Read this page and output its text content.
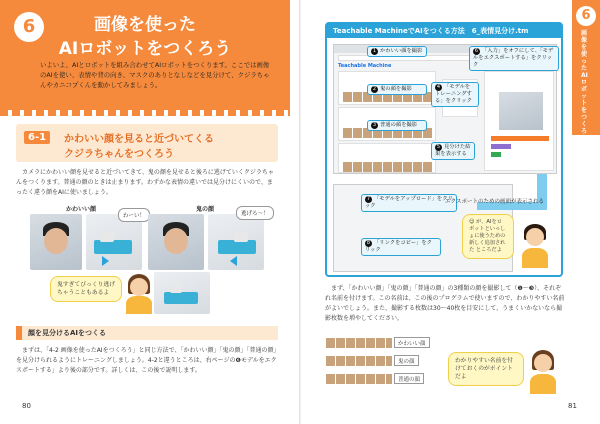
6	画像を使った
AIロボットをつくろう
いよいよ、AIとロボットを組み合わせてAIロボットをつくります。ここでは画像のAIを使い、表情や背の向き、マスクのありとなしなどを見分けて、クジラちゃんやカニコプくんを動かしてみましょう。
6-1	かわいい顔を見ると近づいてくる
クジラちゃんをつくろう
カメラにかわいい顔を見せると近づいてきて、鬼の顔を見せると後ろに逃げていくクジラちゃんをつくります。普通の顔のときは止まります。わずかな表情の違いでは見分けにくいので、まったく違う顔をAIに使いましょう。
かわいい顔	鬼の顔
わーい！	逃げろ～！
鬼すぎてびっくり逃げちゃうこともあるよ
顔を見分けるAIをつくる
まずは、「4-2 画像を使ったAIをつくろう」と同じ方法で、「かわいい顔」「鬼の顔」「普通の顔」を見分けられるようにトレーニングしましょう。4-2と違うところは、右ページの❻モデルをエクスポートする」より後の部分です。詳しくは、この後で説明します。
80
6
画像を使ったAIロボットをつくろう
Teachable MachineでAIをつくる方法　6_表情見分け.tm
Teachable Machine
1 かわいい顔を撮影
2 鬼の顔を撮影
3 普通の顔を撮影
4 「モデルをトレーニングする」をクリック
5 見分けた結果を表示する
6 「入力」をオフにして、「モデルをエクスポートする」をクリック
7 「モデルをアップロード」をクリック
8 「リンクをコピー」をクリック
エクスポートのための画面が表示される
😊 が、AIをロボットといっしょに使うための新しく追加された ところだよ
まず、「かわいい顔」「鬼の顔」「普通の顔」の3種類の顔を撮影して（❶～❸）、それぞれ名前を付けます。この名前は、この後のプログラムで使いますので、わかりやすい名前がよいでしょう。また、撮影する枚数は30～40枚を目安にして、うまくいかないなら撮影枚数を増やしてください。
かわいい顔
鬼の顔
普通の顔
わかりやすい名前を付けておくのがポイントだよ
81
